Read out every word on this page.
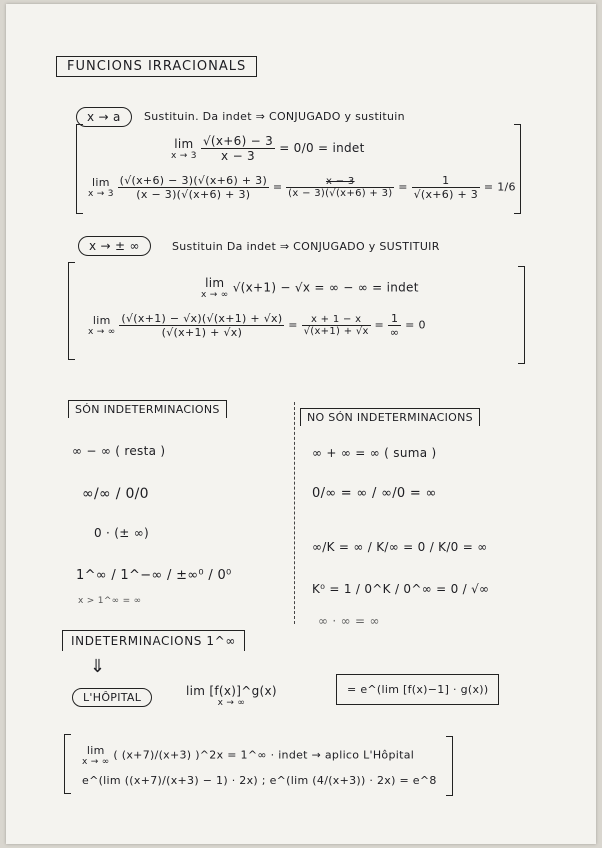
FUNCIONS IRRACIONALS
x → a	Sustituin. Da indet ⇒ CONJUGADO y sustituin
lim
x → 3
$\frac{√(x+6) - 3}{x - 3} = 0/0 = indet$
lim
x → 3
$\frac{(√(x+6) - 3)(√(x+6) + 3)}{(x - 3)(√(x+6) + 3)} = \frac{x - 3}{(x - 3)(√(x+6) + 3)} = \frac{1}{√(x+6) + 3} = 1/6$
x → ± ∞	Sustituin Da indet ⇒ CONJUGADO y SUSTITUIR
lim
x → ∞
√(x+1) − √x = ∞ − ∞ = indet
lim
x → ∞
$\frac{(√(x+1) - √x)(√(x+1) + √x)}{(√(x+1) + √x)} = \frac{x + 1 - x}{√(x+1) + √x} = \frac{1}{\infty} = 0$
SÓN INDETERMINACIONS
NO SÓN INDETERMINACIONS
∞ − ∞ ( resta )
∞/∞ / 0/0
0 · (± ∞)
1^∞ / 1^−∞ / ±∞⁰ / 0⁰
x > 1^∞ = ∞
∞ + ∞ = ∞ ( suma )
0/∞ = ∞ / ∞/0 = ∞
∞/K = ∞ / K/∞ = 0 / K/0 = ∞
K⁰ = 1 / 0^K / 0^∞ = 0 / √∞
∞ · ∞ = ∞
INDETERMINACIONS 1^∞
⇓
L'HÔPITAL	lim [f(x)]^g(x)
x → ∞
= e^(lim [f(x)−1] · g(x))
lim
x → ∞
( (x+7)/(x+3) )^2x = 1^∞ · indet → aplico L'Hôpital
e^(lim ((x+7)/(x+3) − 1) · 2x) ; e^(lim (4/(x+3)) · 2x) = e^8
